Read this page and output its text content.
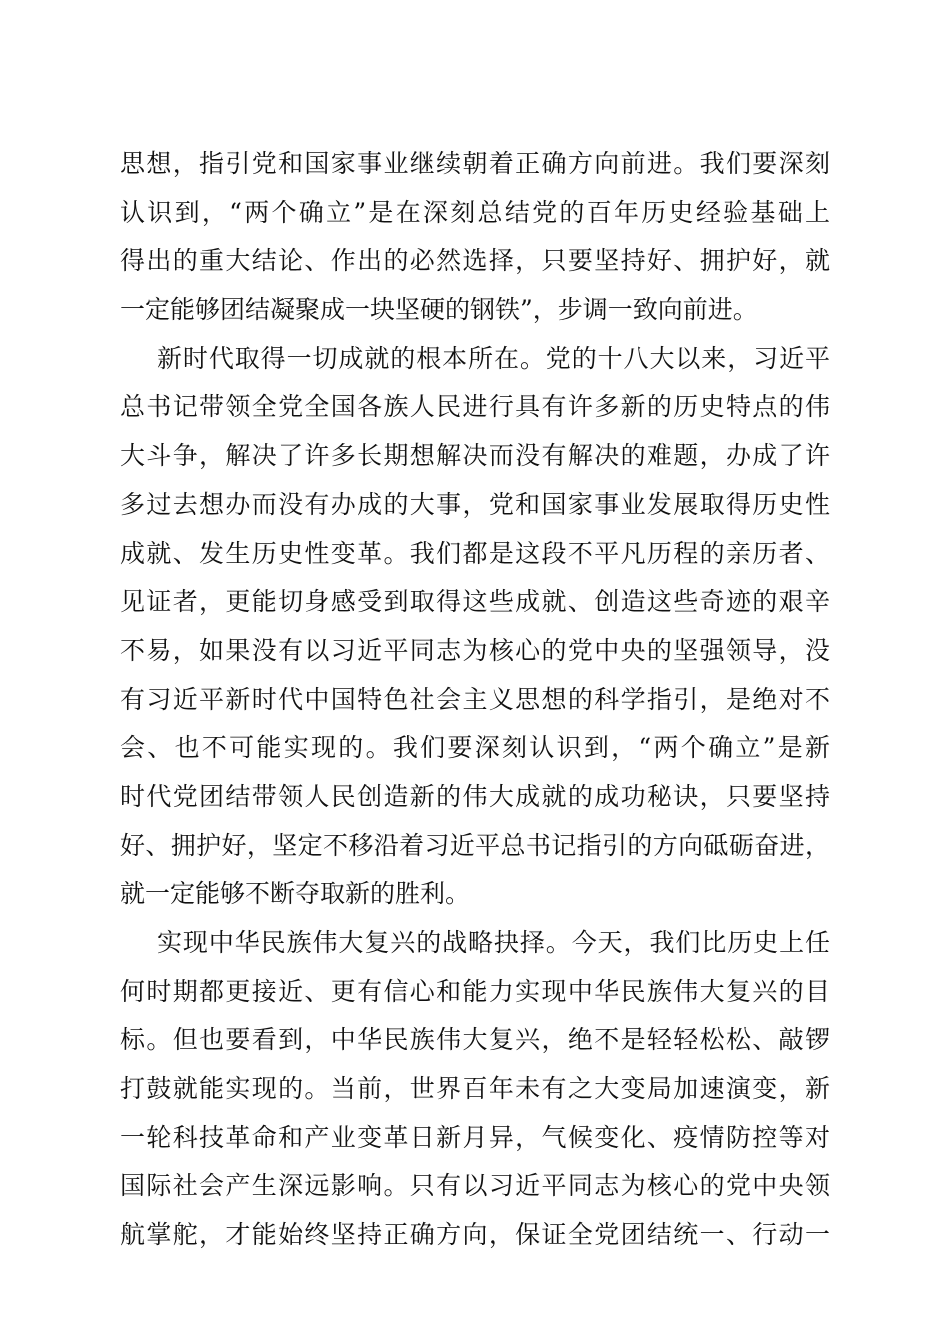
思想，指引党和国家事业继续朝着正确方向前进。我们要深刻
认识到，“两个确立”是在深刻总结党的百年历史经验基础上
得出的重大结论、作出的必然选择，只要坚持好、拥护好，就
一定能够团结凝聚成一块坚硬的钢铁”，步调一致向前进。
新时代取得一切成就的根本所在。党的十八大以来，习近平
总书记带领全党全国各族人民进行具有许多新的历史特点的伟
大斗争，解决了许多长期想解决而没有解决的难题，办成了许
多过去想办而没有办成的大事，党和国家事业发展取得历史性
成就、发生历史性变革。我们都是这段不平凡历程的亲历者、
见证者，更能切身感受到取得这些成就、创造这些奇迹的艰辛
不易，如果没有以习近平同志为核心的党中央的坚强领导，没
有习近平新时代中国特色社会主义思想的科学指引，是绝对不
会、也不可能实现的。我们要深刻认识到，“两个确立”是新
时代党团结带领人民创造新的伟大成就的成功秘诀，只要坚持
好、拥护好，坚定不移沿着习近平总书记指引的方向砥砺奋进，
就一定能够不断夺取新的胜利。
实现中华民族伟大复兴的战略抉择。今天，我们比历史上任
何时期都更接近、更有信心和能力实现中华民族伟大复兴的目
标。但也要看到，中华民族伟大复兴，绝不是轻轻松松、敲锣
打鼓就能实现的。当前，世界百年未有之大变局加速演变，新
一轮科技革命和产业变革日新月异，气候变化、疫情防控等对
国际社会产生深远影响。只有以习近平同志为核心的党中央领
航掌舵，才能始终坚持正确方向，保证全党团结统一、行动一
